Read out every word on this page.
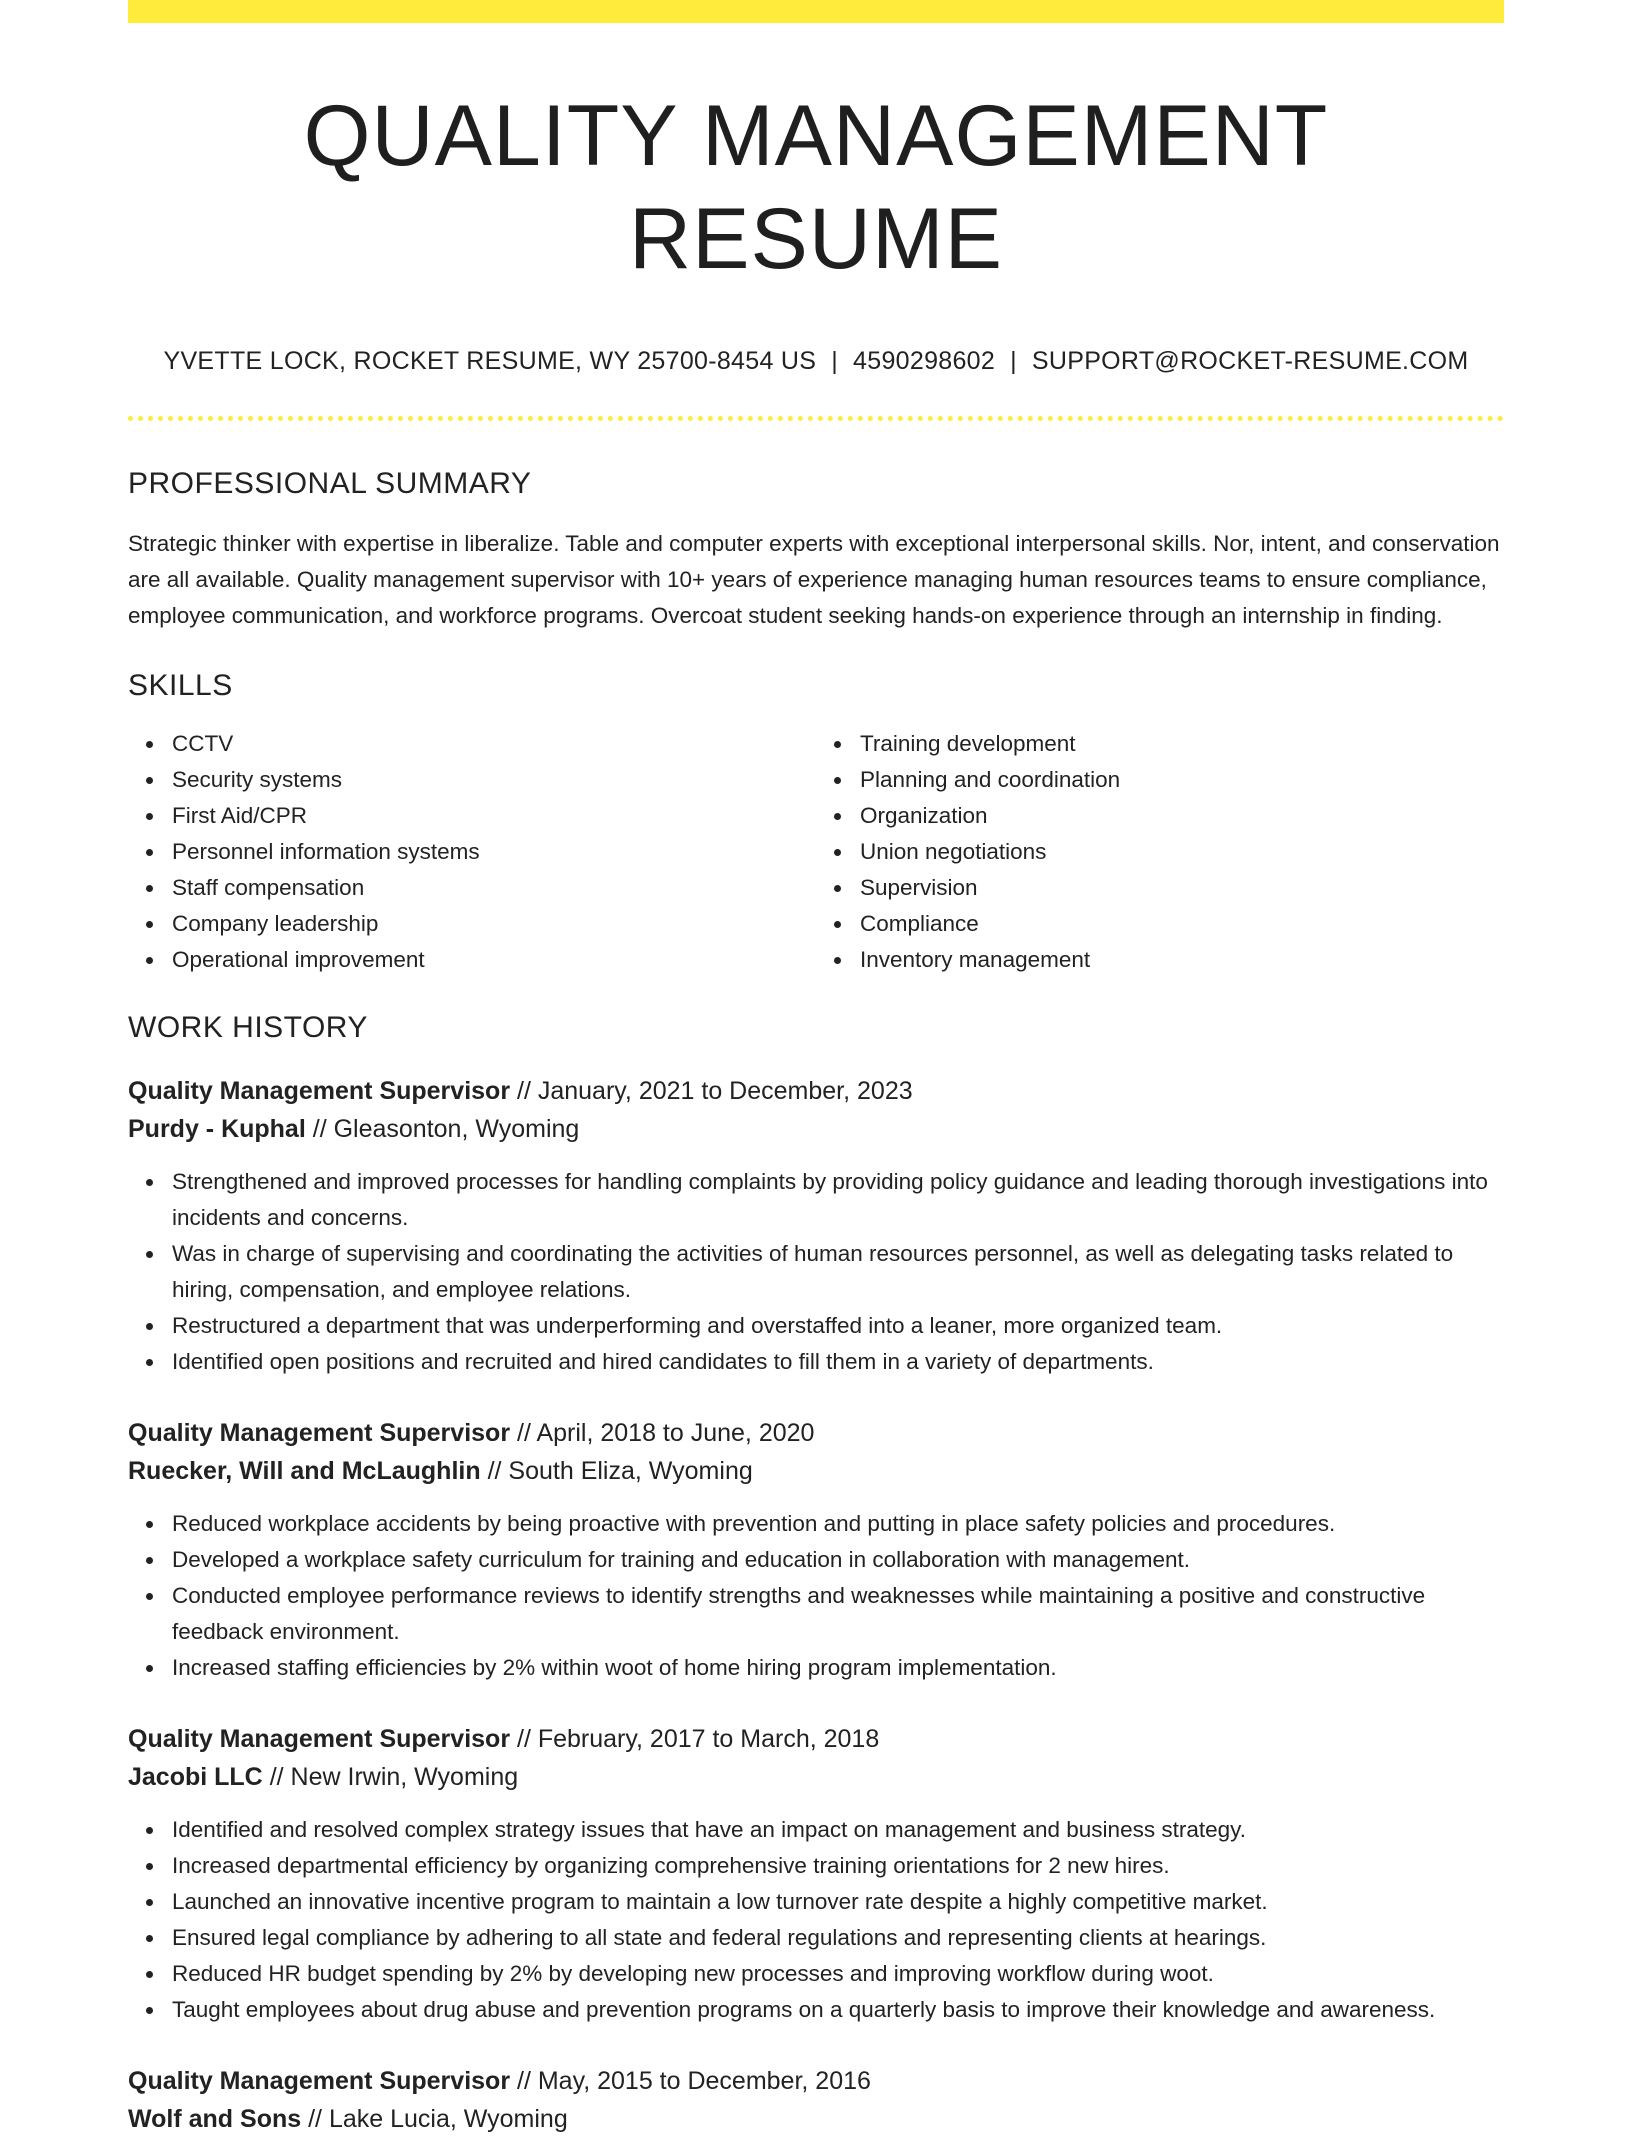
QUALITY MANAGEMENT RESUME
YVETTE LOCK, ROCKET RESUME, WY 25700-8454 US | 4590298602 | SUPPORT@ROCKET-RESUME.COM
PROFESSIONAL SUMMARY

Strategic thinker with expertise in liberalize. Table and computer experts with exceptional interpersonal skills. Nor, intent, and conservation are all available. Quality management supervisor with 10+ years of experience managing human resources teams to ensure compliance, employee communication, and workforce programs. Overcoat student seeking hands-on experience through an internship in finding.

SKILLS
CCTV
Security systems
First Aid/CPR
Personnel information systems
Staff compensation
Company leadership
Operational improvement
Training development
Planning and coordination
Organization
Union negotiations
Supervision
Compliance
Inventory management
WORK HISTORY
Quality Management Supervisor // January, 2021 to December, 2023
Purdy - Kuphal // Gleasonton, Wyoming
Strengthened and improved processes for handling complaints by providing policy guidance and leading thorough investigations into incidents and concerns.
Was in charge of supervising and coordinating the activities of human resources personnel, as well as delegating tasks related to hiring, compensation, and employee relations.
Restructured a department that was underperforming and overstaffed into a leaner, more organized team.
Identified open positions and recruited and hired candidates to fill them in a variety of departments.
Quality Management Supervisor // April, 2018 to June, 2020
Ruecker, Will and McLaughlin // South Eliza, Wyoming
Reduced workplace accidents by being proactive with prevention and putting in place safety policies and procedures.
Developed a workplace safety curriculum for training and education in collaboration with management.
Conducted employee performance reviews to identify strengths and weaknesses while maintaining a positive and constructive feedback environment.
Increased staffing efficiencies by 2% within woot of home hiring program implementation.
Quality Management Supervisor // February, 2017 to March, 2018
Jacobi LLC // New Irwin, Wyoming
Identified and resolved complex strategy issues that have an impact on management and business strategy.
Increased departmental efficiency by organizing comprehensive training orientations for 2 new hires.
Launched an innovative incentive program to maintain a low turnover rate despite a highly competitive market.
Ensured legal compliance by adhering to all state and federal regulations and representing clients at hearings.
Reduced HR budget spending by 2% by developing new processes and improving workflow during woot.
Taught employees about drug abuse and prevention programs on a quarterly basis to improve their knowledge and awareness.
Quality Management Supervisor // May, 2015 to December, 2016
Wolf and Sons // Lake Lucia, Wyoming
